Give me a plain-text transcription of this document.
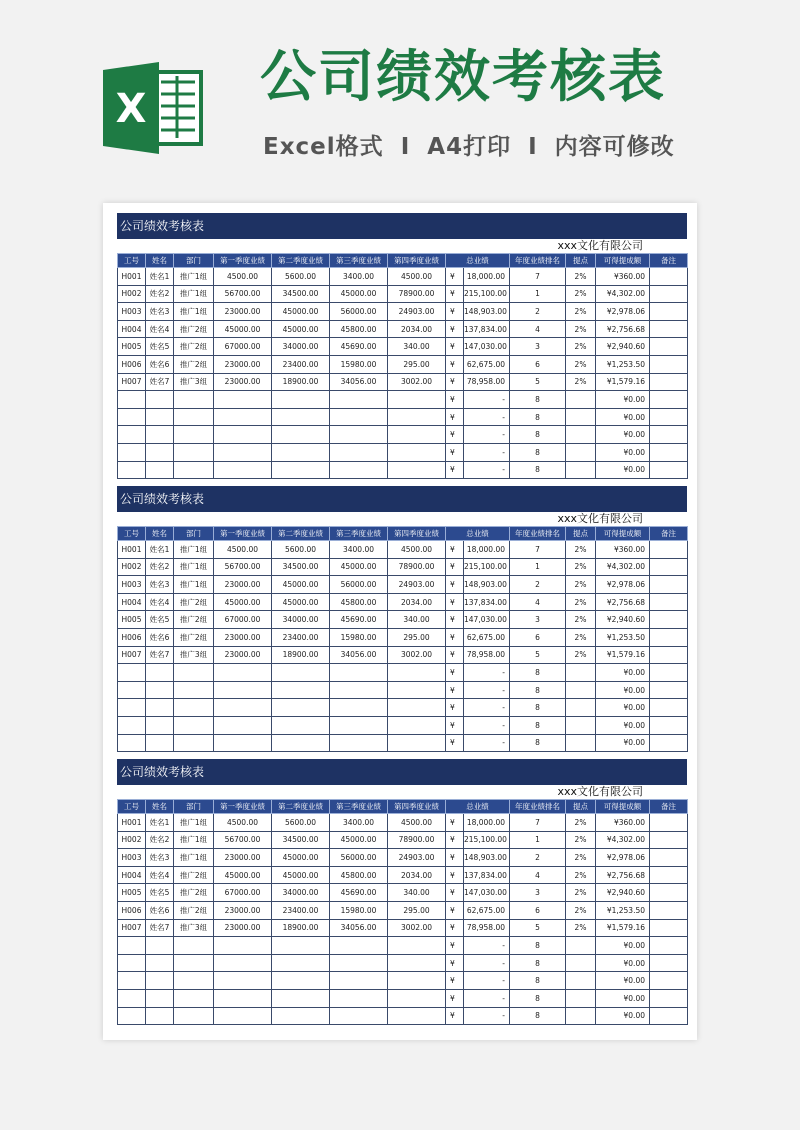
X 公司绩效考核表
Excel格式 I A4打印 I 内容可修改
公司绩效考核表
xxx文化有限公司
工号	姓名	部门	第一季度业绩	第二季度业绩	第三季度业绩	第四季度业绩	总业绩		年度业绩排名	提点	可得提成额	备注
H001	姓名1	推广1组	4500.00	5600.00	3400.00	4500.00	¥	18,000.00	7	2%	¥360.00	
H002	姓名2	推广1组	56700.00	34500.00	45000.00	78900.00	¥	215,100.00	1	2%	¥4,302.00	
H003	姓名3	推广1组	23000.00	45000.00	56000.00	24903.00	¥	148,903.00	2	2%	¥2,978.06	
H004	姓名4	推广2组	45000.00	45000.00	45800.00	2034.00	¥	137,834.00	4	2%	¥2,756.68	
H005	姓名5	推广2组	67000.00	34000.00	45690.00	340.00	¥	147,030.00	3	2%	¥2,940.60	
H006	姓名6	推广2组	23000.00	23400.00	15980.00	295.00	¥	62,675.00	6	2%	¥1,253.50	
H007	姓名7	推广3组	23000.00	18900.00	34056.00	3002.00	¥	78,958.00	5	2%	¥1,579.16	
							¥	-	8		¥0.00	
							¥	-	8		¥0.00	
							¥	-	8		¥0.00	
							¥	-	8		¥0.00	
							¥	-	8		¥0.00	
公司绩效考核表
xxx文化有限公司
工号	姓名	部门	第一季度业绩	第二季度业绩	第三季度业绩	第四季度业绩	总业绩		年度业绩排名	提点	可得提成额	备注
H001	姓名1	推广1组	4500.00	5600.00	3400.00	4500.00	¥	18,000.00	7	2%	¥360.00	
H002	姓名2	推广1组	56700.00	34500.00	45000.00	78900.00	¥	215,100.00	1	2%	¥4,302.00	
H003	姓名3	推广1组	23000.00	45000.00	56000.00	24903.00	¥	148,903.00	2	2%	¥2,978.06	
H004	姓名4	推广2组	45000.00	45000.00	45800.00	2034.00	¥	137,834.00	4	2%	¥2,756.68	
H005	姓名5	推广2组	67000.00	34000.00	45690.00	340.00	¥	147,030.00	3	2%	¥2,940.60	
H006	姓名6	推广2组	23000.00	23400.00	15980.00	295.00	¥	62,675.00	6	2%	¥1,253.50	
H007	姓名7	推广3组	23000.00	18900.00	34056.00	3002.00	¥	78,958.00	5	2%	¥1,579.16	
							¥	-	8		¥0.00	
							¥	-	8		¥0.00	
							¥	-	8		¥0.00	
							¥	-	8		¥0.00	
							¥	-	8		¥0.00	
公司绩效考核表
xxx文化有限公司
工号	姓名	部门	第一季度业绩	第二季度业绩	第三季度业绩	第四季度业绩	总业绩		年度业绩排名	提点	可得提成额	备注
H001	姓名1	推广1组	4500.00	5600.00	3400.00	4500.00	¥	18,000.00	7	2%	¥360.00	
H002	姓名2	推广1组	56700.00	34500.00	45000.00	78900.00	¥	215,100.00	1	2%	¥4,302.00	
H003	姓名3	推广1组	23000.00	45000.00	56000.00	24903.00	¥	148,903.00	2	2%	¥2,978.06	
H004	姓名4	推广2组	45000.00	45000.00	45800.00	2034.00	¥	137,834.00	4	2%	¥2,756.68	
H005	姓名5	推广2组	67000.00	34000.00	45690.00	340.00	¥	147,030.00	3	2%	¥2,940.60	
H006	姓名6	推广2组	23000.00	23400.00	15980.00	295.00	¥	62,675.00	6	2%	¥1,253.50	
H007	姓名7	推广3组	23000.00	18900.00	34056.00	3002.00	¥	78,958.00	5	2%	¥1,579.16	
							¥	-	8		¥0.00	
							¥	-	8		¥0.00	
							¥	-	8		¥0.00	
							¥	-	8		¥0.00	
							¥	-	8		¥0.00	
